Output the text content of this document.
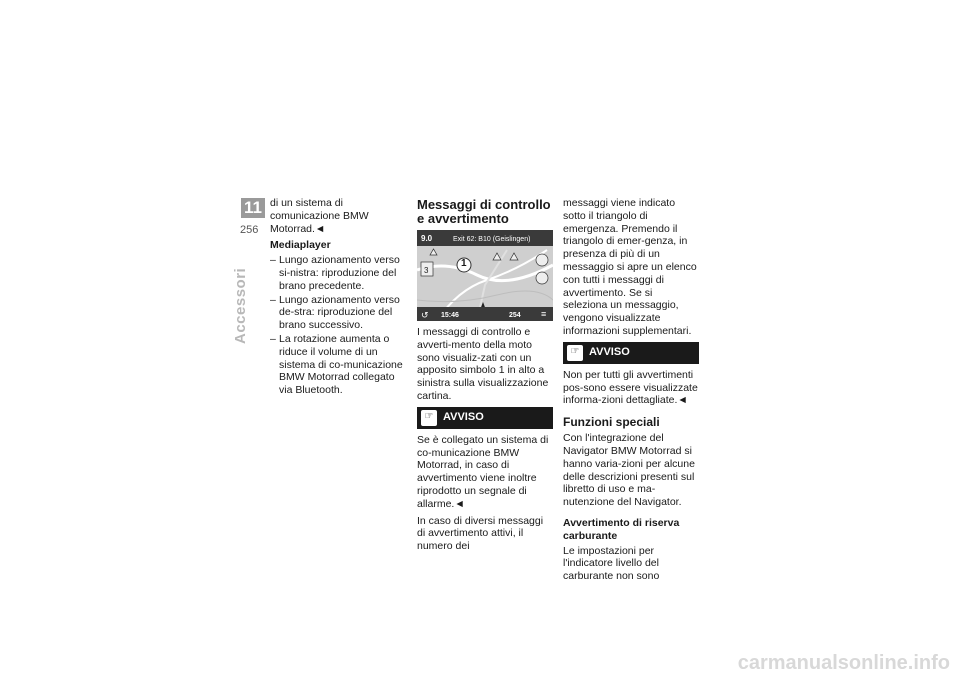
11
256
Accessori

di un sistema di comunicazione BMW Motorrad.◄

Mediaplayer
– Lungo azionamento verso si-nistra: riproduzione del brano precedente.
– Lungo azionamento verso de-stra: riproduzione del brano successivo.
– La rotazione aumenta o riduce il volume di un sistema di co-municazione BMW Motorrad collegato via Bluetooth.
Messaggi di controllo e avvertimento
9.0	Exit 62: B10 (Geislingen)
3
1
↺ 15:46	254 ≡

I messaggi di controllo e avverti-mento della moto sono visualiz-zati con un apposito simbolo 1 in alto a sinistra sulla visualizzazione cartina.

☞ AVVISO

Se è collegato un sistema di co-municazione BMW Motorrad, in caso di avvertimento viene inoltre riprodotto un segnale di allarme.◄

In caso di diversi messaggi di avvertimento attivi, il numero dei

messaggi viene indicato sotto il triangolo di emergenza. Premendo il triangolo di emer-genza, in presenza di più di un messaggio si apre un elenco con tutti i messaggi di avvertimento. Se si seleziona un messaggio, vengono visualizzate informazioni supplementari.

☞ AVVISO

Non per tutti gli avvertimenti pos-sono essere visualizzate informa-zioni dettagliate.◄

Funzioni speciali

Con l'integrazione del Navigator BMW Motorrad si hanno varia-zioni per alcune delle descrizioni presenti sul libretto di uso e ma-nutenzione del Navigator.

Avvertimento di riserva carburante

Le impostazioni per l'indicatore livello del carburante non sono

carmanualsonline.info
